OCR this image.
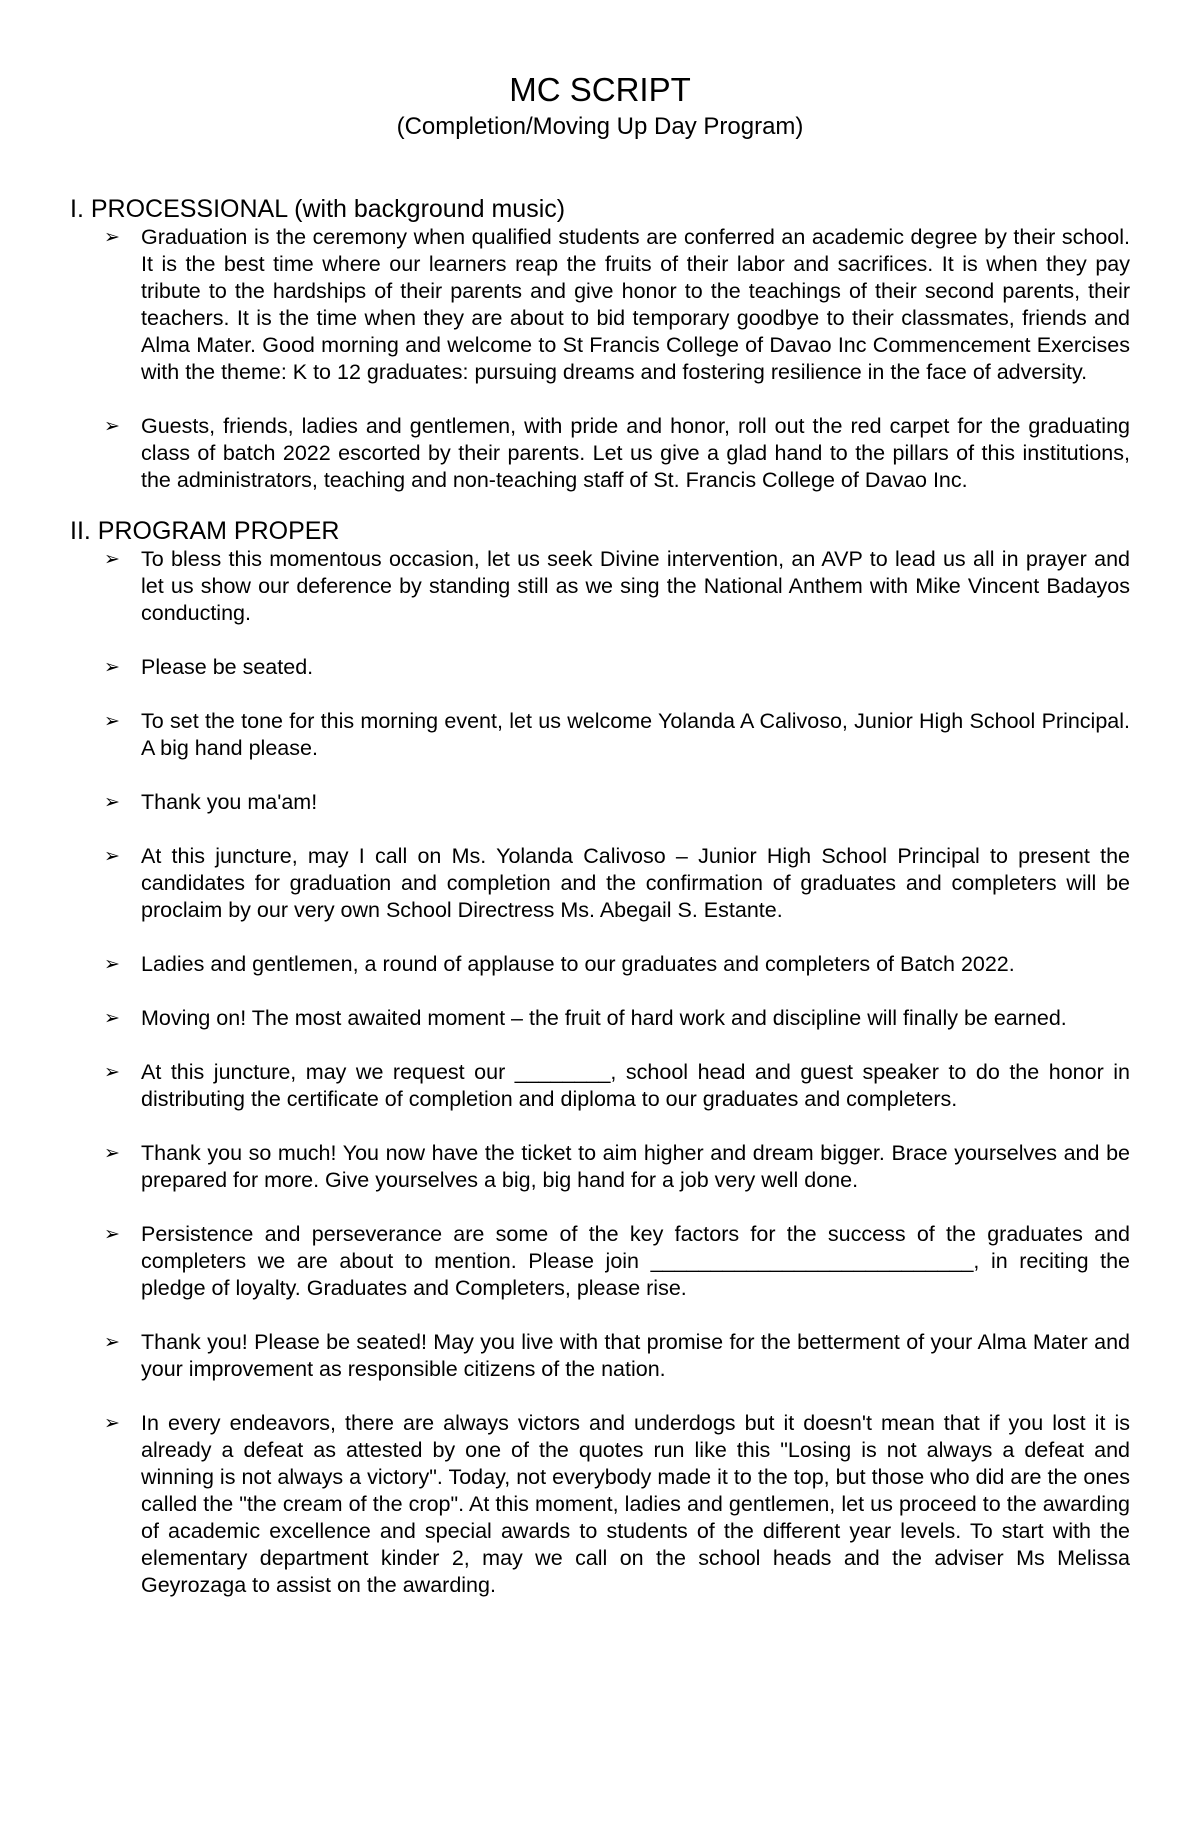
MC SCRIPT
(Completion/Moving Up Day Program)
I. PROCESSIONAL (with background music)
➢ Graduation is the ceremony when qualified students are conferred an academic degree by their school. It is the best time where our learners reap the fruits of their labor and sacrifices. It is when they pay tribute to the hardships of their parents and give honor to the teachings of their second parents, their teachers. It is the time when they are about to bid temporary goodbye to their classmates, friends and Alma Mater. Good morning and welcome to St Francis College of Davao Inc Commencement Exercises with the theme: K to 12 graduates: pursuing dreams and fostering resilience in the face of adversity.
➢ Guests, friends, ladies and gentlemen, with pride and honor, roll out the red carpet for the graduating class of batch 2022 escorted by their parents. Let us give a glad hand to the pillars of this institutions, the administrators, teaching and non-teaching staff of St. Francis College of Davao Inc.
II. PROGRAM PROPER
➢ To bless this momentous occasion, let us seek Divine intervention, an AVP to lead us all in prayer and let us show our deference by standing still as we sing the National Anthem with Mike Vincent Badayos conducting.
➢ Please be seated.
➢ To set the tone for this morning event, let us welcome Yolanda A Calivoso, Junior High School Principal. A big hand please.
➢ Thank you ma'am!
➢ At this juncture, may I call on Ms. Yolanda Calivoso – Junior High School Principal to present the candidates for graduation and completion and the confirmation of graduates and completers will be proclaim by our very own School Directress Ms. Abegail S. Estante.
➢ Ladies and gentlemen, a round of applause to our graduates and completers of Batch 2022.
➢ Moving on! The most awaited moment – the fruit of hard work and discipline will finally be earned.
➢ At this juncture, may we request our ________, school head and guest speaker to do the honor in distributing the certificate of completion and diploma to our graduates and completers.
➢ Thank you so much! You now have the ticket to aim higher and dream bigger. Brace yourselves and be prepared for more. Give yourselves a big, big hand for a job very well done.
➢ Persistence and perseverance are some of the key factors for the success of the graduates and completers we are about to mention. Please join ___________________________, in reciting the pledge of loyalty. Graduates and Completers, please rise.
➢ Thank you! Please be seated! May you live with that promise for the betterment of your Alma Mater and your improvement as responsible citizens of the nation.
➢ In every endeavors, there are always victors and underdogs but it doesn't mean that if you lost it is already a defeat as attested by one of the quotes run like this "Losing is not always a defeat and winning is not always a victory". Today, not everybody made it to the top, but those who did are the ones called the "the cream of the crop". At this moment, ladies and gentlemen, let us proceed to the awarding of academic excellence and special awards to students of the different year levels. To start with the elementary department kinder 2, may we call on the school heads and the adviser Ms Melissa Geyrozaga to assist on the awarding.
